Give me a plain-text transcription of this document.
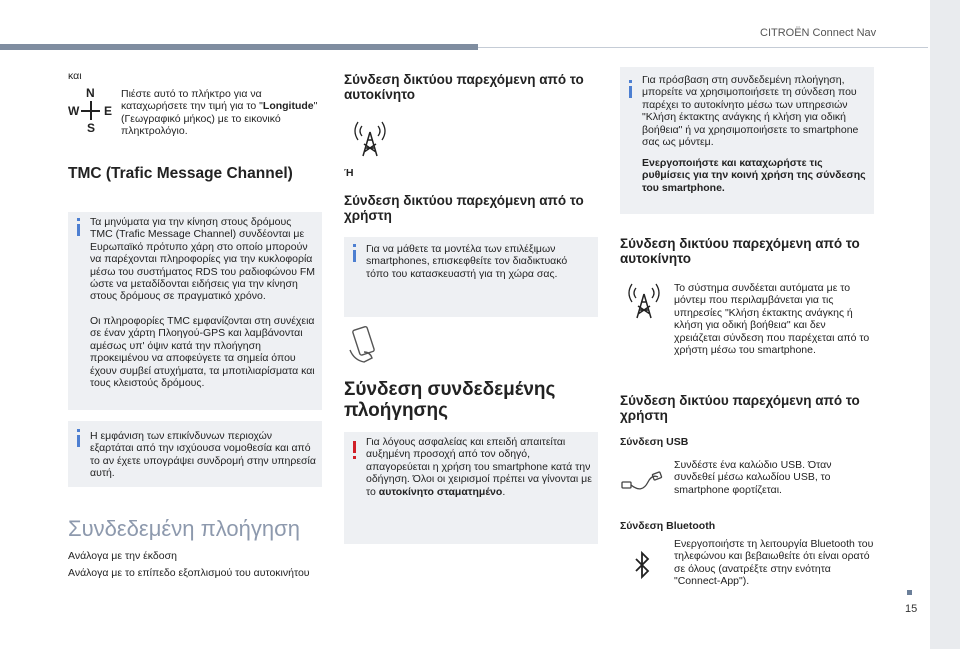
CITROËN Connect Nav
15
και
N
W E
S
Πιέστε αυτό το πλήκτρο για να καταχωρήσετε την τιμή για το "Longitude" (Γεωγραφικό μήκος) με το εικονικό πληκτρολόγιο.
TMC (Trafic Message Channel)
Τα μηνύματα για την κίνηση στους δρόμους TMC (Trafic Message Channel) συνδέονται με Ευρωπαϊκό πρότυπο χάρη στο οποίο μπορούν να παρέχονται πληροφορίες για την κυκλοφορία μέσω του συστήματος RDS του ραδιοφώνου FM ώστε να μεταδίδονται ειδήσεις για την κίνηση στους δρόμους σε πραγματικό χρόνο.
Οι πληροφορίες TMC εμφανίζονται στη συνέχεια σε έναν χάρτη Πλοηγού-GPS και λαμβάνονται αμέσως υπ' όψιν κατά την πλοήγηση προκειμένου να αποφεύγετε τα σημεία όπου έχουν συμβεί ατυχήματα, τα μποτιλιαρίσματα και τους κλειστούς δρόμους.
Η εμφάνιση των επικίνδυνων περιοχών εξαρτάται από την ισχύουσα νομοθεσία και από το αν έχετε υπογράψει συνδρομή στην υπηρεσία αυτή.
Συνδεδεμένη πλοήγηση
Ανάλογα με την έκδοση
Ανάλογα με το επίπεδο εξοπλισμού του αυτοκινήτου
Σύνδεση δικτύου παρεχόμενη από το αυτοκίνητο
Ή
Σύνδεση δικτύου παρεχόμενη από το χρήστη
Για να μάθετε τα μοντέλα των επιλέξιμων smartphones, επισκεφθείτε τον διαδικτυακό τόπο του κατασκευαστή για τη χώρα σας.
Σύνδεση συνδεδεμένης πλοήγησης
Για λόγους ασφαλείας και επειδή απαιτείται αυξημένη προσοχή από τον οδηγό, απαγορεύεται η χρήση του smartphone κατά την οδήγηση. Όλοι οι χειρισμοί πρέπει να γίνονται με το αυτοκίνητο σταματημένο.
Για πρόσβαση στη συνδεδεμένη πλοήγηση, μπορείτε να χρησιμοποιήσετε τη σύνδεση που παρέχει το αυτοκίνητο μέσω των υπηρεσιών "Κλήση έκτακτης ανάγκης ή κλήση για οδική βοήθεια" ή να χρησιμοποιήσετε το smartphone σας ως μόντεμ.
Ενεργοποιήστε και καταχωρήστε τις ρυθμίσεις για την κοινή χρήση της σύνδεσης του smartphone.
Σύνδεση δικτύου παρεχόμενη από το αυτοκίνητο
Το σύστημα συνδέεται αυτόματα με το μόντεμ που περιλαμβάνεται για τις υπηρεσίες "Κλήση έκτακτης ανάγκης ή κλήση για οδική βοήθεια" και δεν χρειάζεται σύνδεση που παρέχεται από το χρήστη μέσω του smartphone.
Σύνδεση δικτύου παρεχόμενη από το χρήστη
Σύνδεση USB
Συνδέστε ένα καλώδιο USB. Όταν συνδεθεί μέσω καλωδίου USB, το smartphone φορτίζεται.
Σύνδεση Bluetooth
Ενεργοποιήστε τη λειτουργία Bluetooth του τηλεφώνου και βεβαιωθείτε ότι είναι ορατό σε όλους (ανατρέξτε στην ενότητα "Connect-App").
